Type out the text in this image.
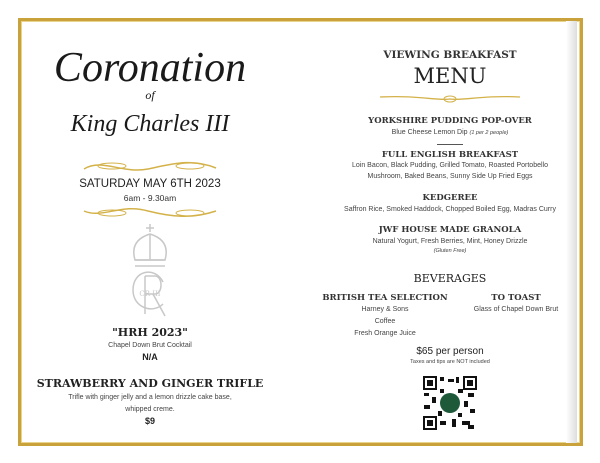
Coronation
of
King Charles III
SATURDAY MAY 6TH 2023
6am - 9.30am
CR III
"HRH 2023"
Chapel Down Brut Cocktail
N/A
STRAWBERRY AND GINGER TRIFLE
Trifle with ginger jelly and a lemon drizzle cake base,
whipped creme.
$9
VIEWING BREAKFAST
MENU
YORKSHIRE PUDDING POP-OVER
Blue Cheese Lemon Dip (1 per 2 people)
FULL ENGLISH BREAKFAST
Loin Bacon, Black Pudding, Grilled Tomato, Roasted Portobello
Mushroom, Baked Beans, Sunny Side Up Fried Eggs
KEDGEREE
Saffron Rice, Smoked Haddock, Chopped Boiled Egg, Madras Curry
JWF HOUSE MADE GRANOLA
Natural Yogurt, Fresh Berries, Mint, Honey Drizzle
(Gluten Free)
BEVERAGES
BRITISH TEA SELECTION
Harney & Sons
Coffee
Fresh Orange Juice
TO TOAST
Glass of Chapel Down Brut
$65 per person
Taxes and tips are NOT included
